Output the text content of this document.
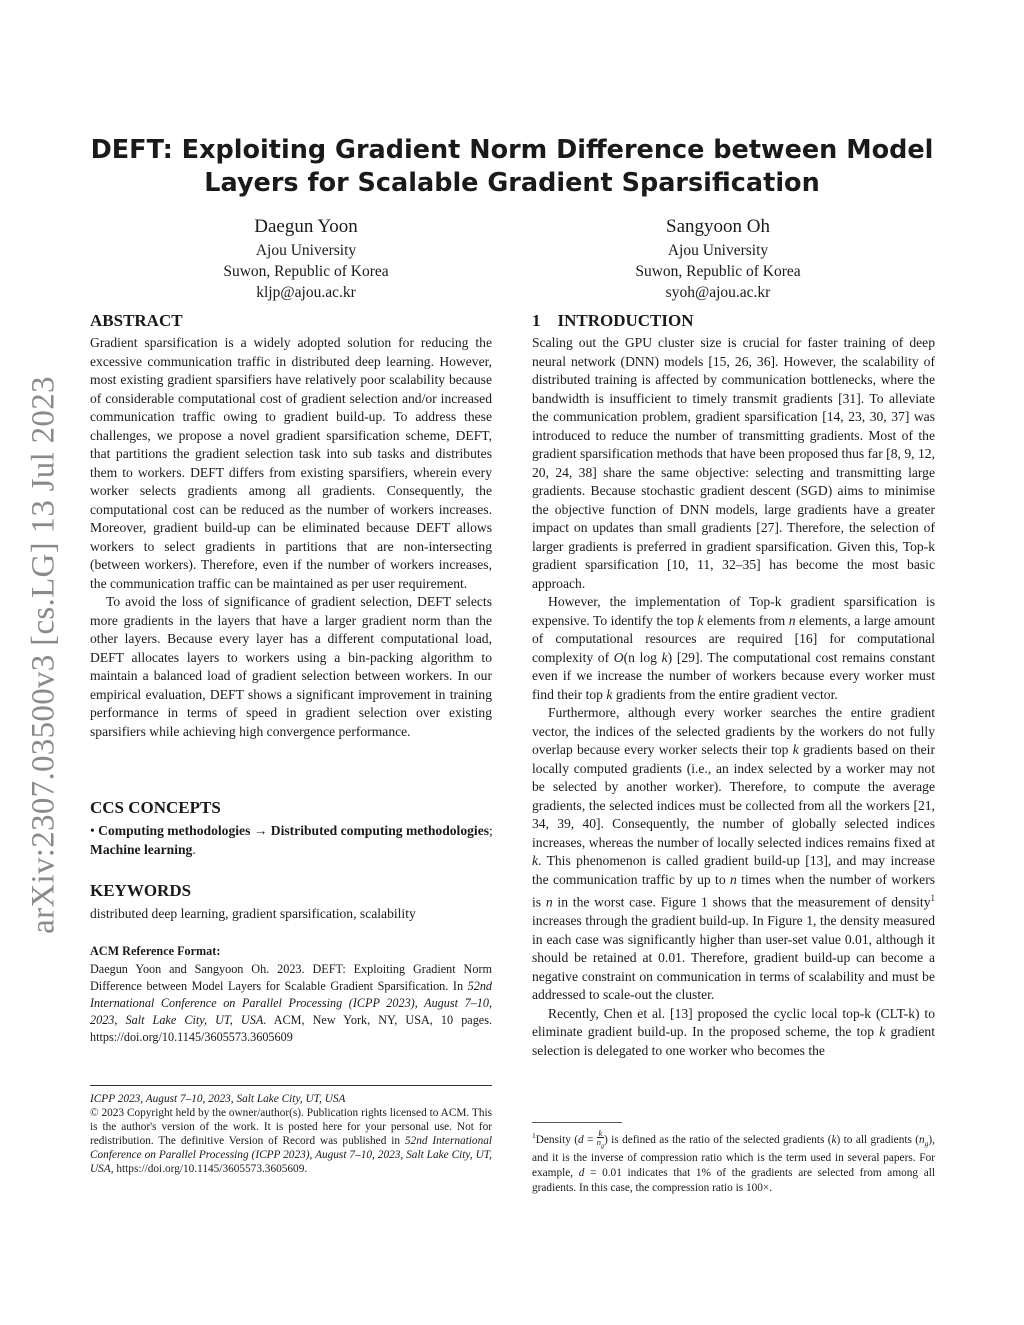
arXiv:2307.03500v3 [cs.LG] 13 Jul 2023
DEFT: Exploiting Gradient Norm Difference between Model
Layers for Scalable Gradient Sparsification
Daegun Yoon
Ajou University
Suwon, Republic of Korea
kljp@ajou.ac.kr
Sangyoon Oh
Ajou University
Suwon, Republic of Korea
syoh@ajou.ac.kr
ABSTRACT

Gradient sparsification is a widely adopted solution for reducing the excessive communication traffic in distributed deep learning. However, most existing gradient sparsifiers have relatively poor scalability because of considerable computational cost of gradient selection and/or increased communication traffic owing to gradient build-up. To address these challenges, we propose a novel gradient sparsification scheme, DEFT, that partitions the gradient selection task into sub tasks and distributes them to workers. DEFT differs from existing sparsifiers, wherein every worker selects gradients among all gradients. Consequently, the computational cost can be reduced as the number of workers increases. Moreover, gradient build-up can be eliminated because DEFT allows workers to select gradients in partitions that are non-intersecting (between workers). Therefore, even if the number of workers increases, the communication traffic can be maintained as per user requirement.

To avoid the loss of significance of gradient selection, DEFT selects more gradients in the layers that have a larger gradient norm than the other layers. Because every layer has a different computational load, DEFT allocates layers to workers using a bin-packing algorithm to maintain a balanced load of gradient selection between workers. In our empirical evaluation, DEFT shows a significant improvement in training performance in terms of speed in gradient selection over existing sparsifiers while achieving high convergence performance.

CCS CONCEPTS
• Computing methodologies → Distributed computing methodologies; Machine learning.
KEYWORDS
distributed deep learning, gradient sparsification, scalability
ACM Reference Format:
Daegun Yoon and Sangyoon Oh. 2023. DEFT: Exploiting Gradient Norm Difference between Model Layers for Scalable Gradient Sparsification. In 52nd International Conference on Parallel Processing (ICPP 2023), August 7–10, 2023, Salt Lake City, UT, USA. ACM, New York, NY, USA, 10 pages. https://doi.org/10.1145/3605573.3605609
ICPP 2023, August 7–10, 2023, Salt Lake City, UT, USA
© 2023 Copyright held by the owner/author(s). Publication rights licensed to ACM. This is the author's version of the work. It is posted here for your personal use. Not for redistribution. The definitive Version of Record was published in 52nd International Conference on Parallel Processing (ICPP 2023), August 7–10, 2023, Salt Lake City, UT, USA, https://doi.org/10.1145/3605573.3605609.
1 INTRODUCTION

Scaling out the GPU cluster size is crucial for faster training of deep neural network (DNN) models [15, 26, 36]. However, the scalability of distributed training is affected by communication bottlenecks, where the bandwidth is insufficient to timely transmit gradients [31]. To alleviate the communication problem, gradient sparsification [14, 23, 30, 37] was introduced to reduce the number of transmitting gradients. Most of the gradient sparsification methods that have been proposed thus far [8, 9, 12, 20, 24, 38] share the same objective: selecting and transmitting large gradients. Because stochastic gradient descent (SGD) aims to minimise the objective function of DNN models, large gradients have a greater impact on updates than small gradients [27]. Therefore, the selection of larger gradients is preferred in gradient sparsification. Given this, Top-k gradient sparsification [10, 11, 32–35] has become the most basic approach.

However, the implementation of Top-k gradient sparsification is expensive. To identify the top k elements from n elements, a large amount of computational resources are required [16] for computational complexity of O(n log k) [29]. The computational cost remains constant even if we increase the number of workers because every worker must find their top k gradients from the entire gradient vector.

Furthermore, although every worker searches the entire gradient vector, the indices of the selected gradients by the workers do not fully overlap because every worker selects their top k gradients based on their locally computed gradients (i.e., an index selected by a worker may not be selected by another worker). Therefore, to compute the average gradients, the selected indices must be collected from all the workers [21, 34, 39, 40]. Consequently, the number of globally selected indices increases, whereas the number of locally selected indices remains fixed at k. This phenomenon is called gradient build-up [13], and may increase the communication traffic by up to n times when the number of workers is n in the worst case. Figure 1 shows that the measurement of density$^1$ increases through the gradient build-up. In Figure 1, the density measured in each case was significantly higher than user-set value 0.01, although it should be retained at 0.01. Therefore, gradient build-up can become a negative constraint on communication in terms of scalability and must be addressed to scale-out the cluster.

Recently, Chen et al. [13] proposed the cyclic local top-k (CLT-k) to eliminate gradient build-up. In the proposed scheme, the top k gradient selection is delegated to one worker who becomes the

$^1$Density ($d = \frac{k}{n_g}$ ) is defined as the ratio of the selected gradients (k) to all gradients $(n_g)$, and it is the inverse of compression ratio which is the term used in several papers. For example, d = 0.01 indicates that 1% of the gradients are selected from among all gradients. In this case, the compression ratio is 100×.
